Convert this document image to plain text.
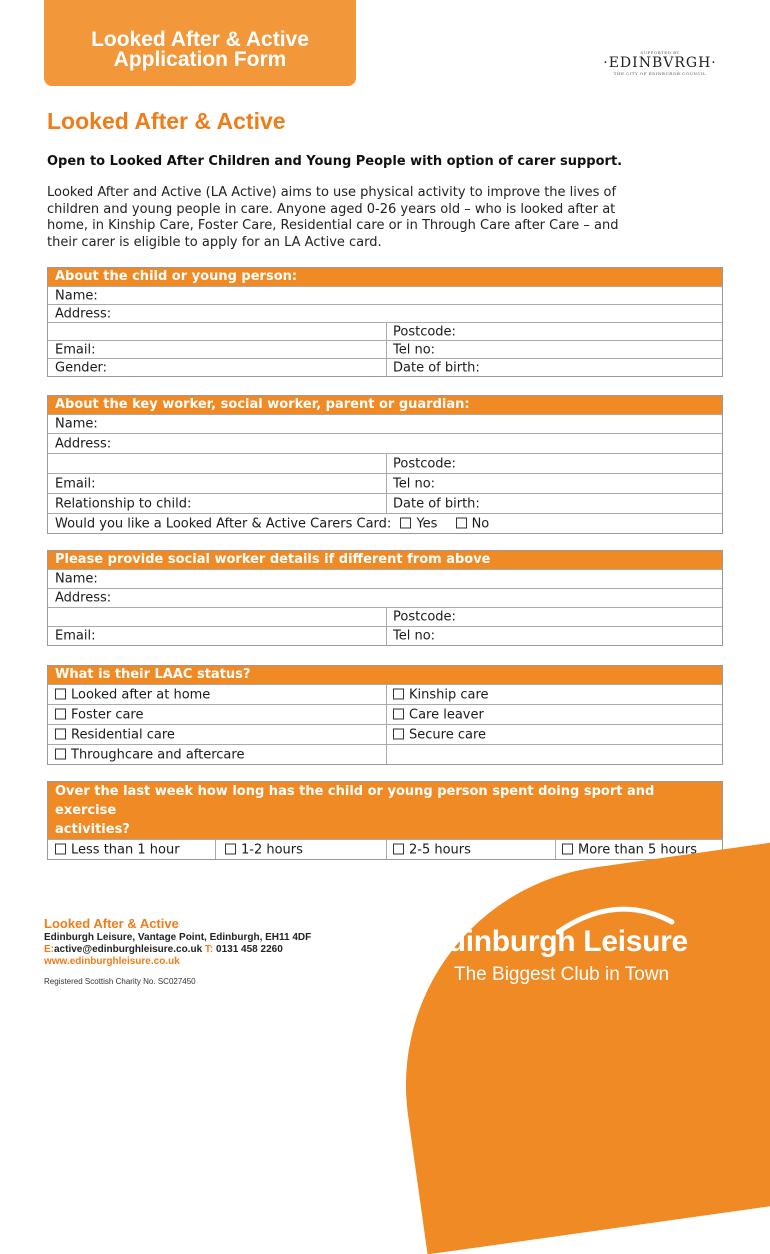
Looked After & Active
Application Form	SUPPORTED BY
·EDINBVRGH·
THE CITY OF EDINBURGH COUNCIL
Looked After & Active
Open to Looked After Children and Young People with option of carer support.
Looked After and Active (LA Active) aims to use physical activity to improve the lives of
children and young people in care. Anyone aged 0-26 years old – who is looked after at
home, in Kinship Care, Foster Care, Residential care or in Through Care after Care – and
their carer is eligible to apply for an LA Active card.
About the child or young person:
Name:
Address:
Postcode:
Email:	Tel no:
Gender:	Date of birth:
About the key worker, social worker, parent or guardian:
Name:
Address:
Postcode:
Email:	Tel no:
Relationship to child:	Date of birth:
Would you like a Looked After & Active Carers Card: Yes	No
Please provide social worker details if different from above
Name:
Address:
Postcode:
Email:	Tel no:
What is their LAAC status?
Looked after at home	Kinship care
Foster care	Care leaver
Residential care	Secure care
Throughcare and aftercare
Over the last week how long has the child or young person spent doing sport and exercise
activities?
Less than 1 hour	1-2 hours	2-5 hours	More than 5 hours
Edinburgh Leisure
The Biggest Club in Town
Looked After & Active
Edinburgh Leisure, Vantage Point, Edinburgh, EH11 4DF
E:active@edinburghleisure.co.uk T: 0131 458 2260
www.edinburghleisure.co.uk
Registered Scottish Charity No. SC027450
